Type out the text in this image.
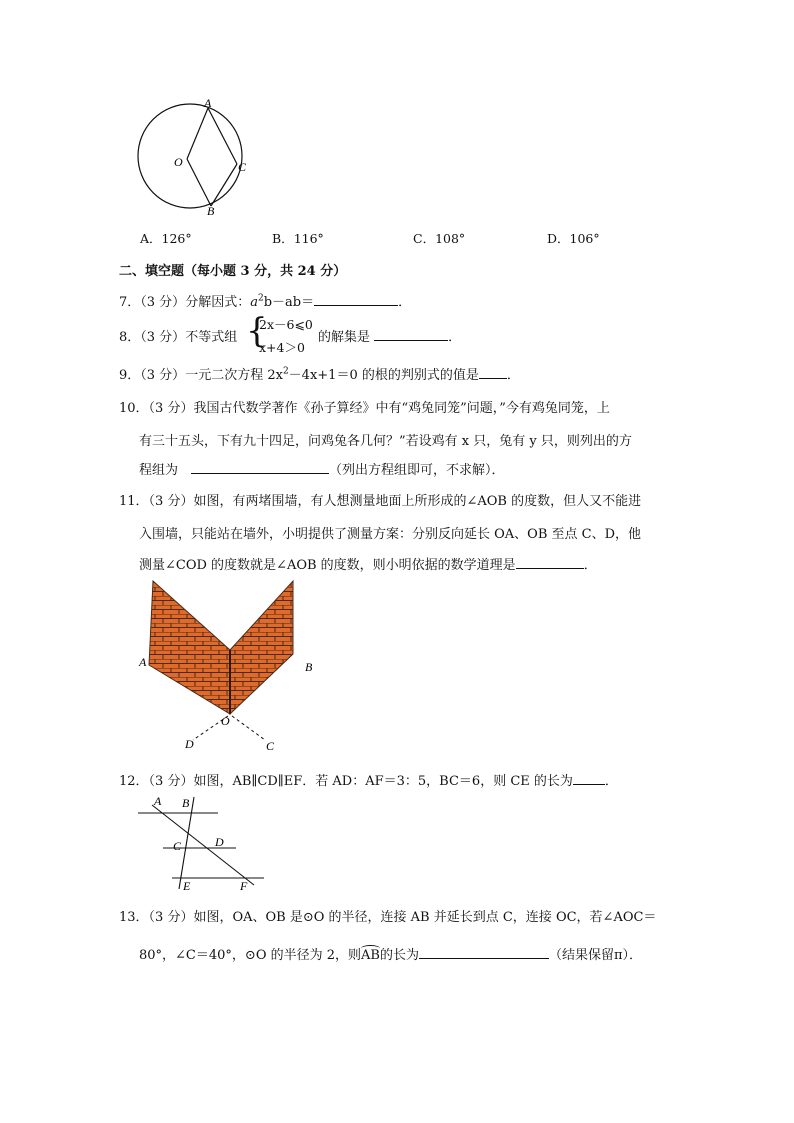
A
O	C
B
A．126°	B．116°	C．108°	D．106°
二、填空题（每小题 3 分，共 24 分）
7．（3 分）分解因式：$a^2b-ab=$	．
8．（3 分）不等式组 {
2x－6⩽0
x+4＞0
的解集是	．
9．（3 分）一元二次方程 $2x^2-4x+1=0$ 的根的判别式的值是 ．
10．（3 分）我国古代数学著作《孙子算经》中有“鸡兔同笼”问题，”今有鸡兔同笼，上
有三十五头，下有九十四足，问鸡兔各几何？”若设鸡有 x 只，兔有 y 只，则列出的方
程组为　	（列出方程组即可，不求解）．
11．（3 分）如图，有两堵围墙，有人想测量地面上所形成的∠AOB 的度数，但人又不能进
入围墙，只能站在墙外，小明提供了测量方案：分别反向延长 OA、OB 至点 C、D，他
测量∠COD 的度数就是∠AOB 的度数，则小明依据的数学道理是	．
A	B
O
D	C
12．（3 分）如图，AB∥CD∥EF．若 AD：AF＝3：5，BC＝6，则 CE 的长为 ．
A B
C	D
E	F
13．（3 分）如图，OA、OB 是⊙O 的半径，连接 AB 并延长到点 C，连接 OC，若∠AOC＝
80°，∠C＝40°，⊙O 的半径为 2，则AB的长为	（结果保留π）．
